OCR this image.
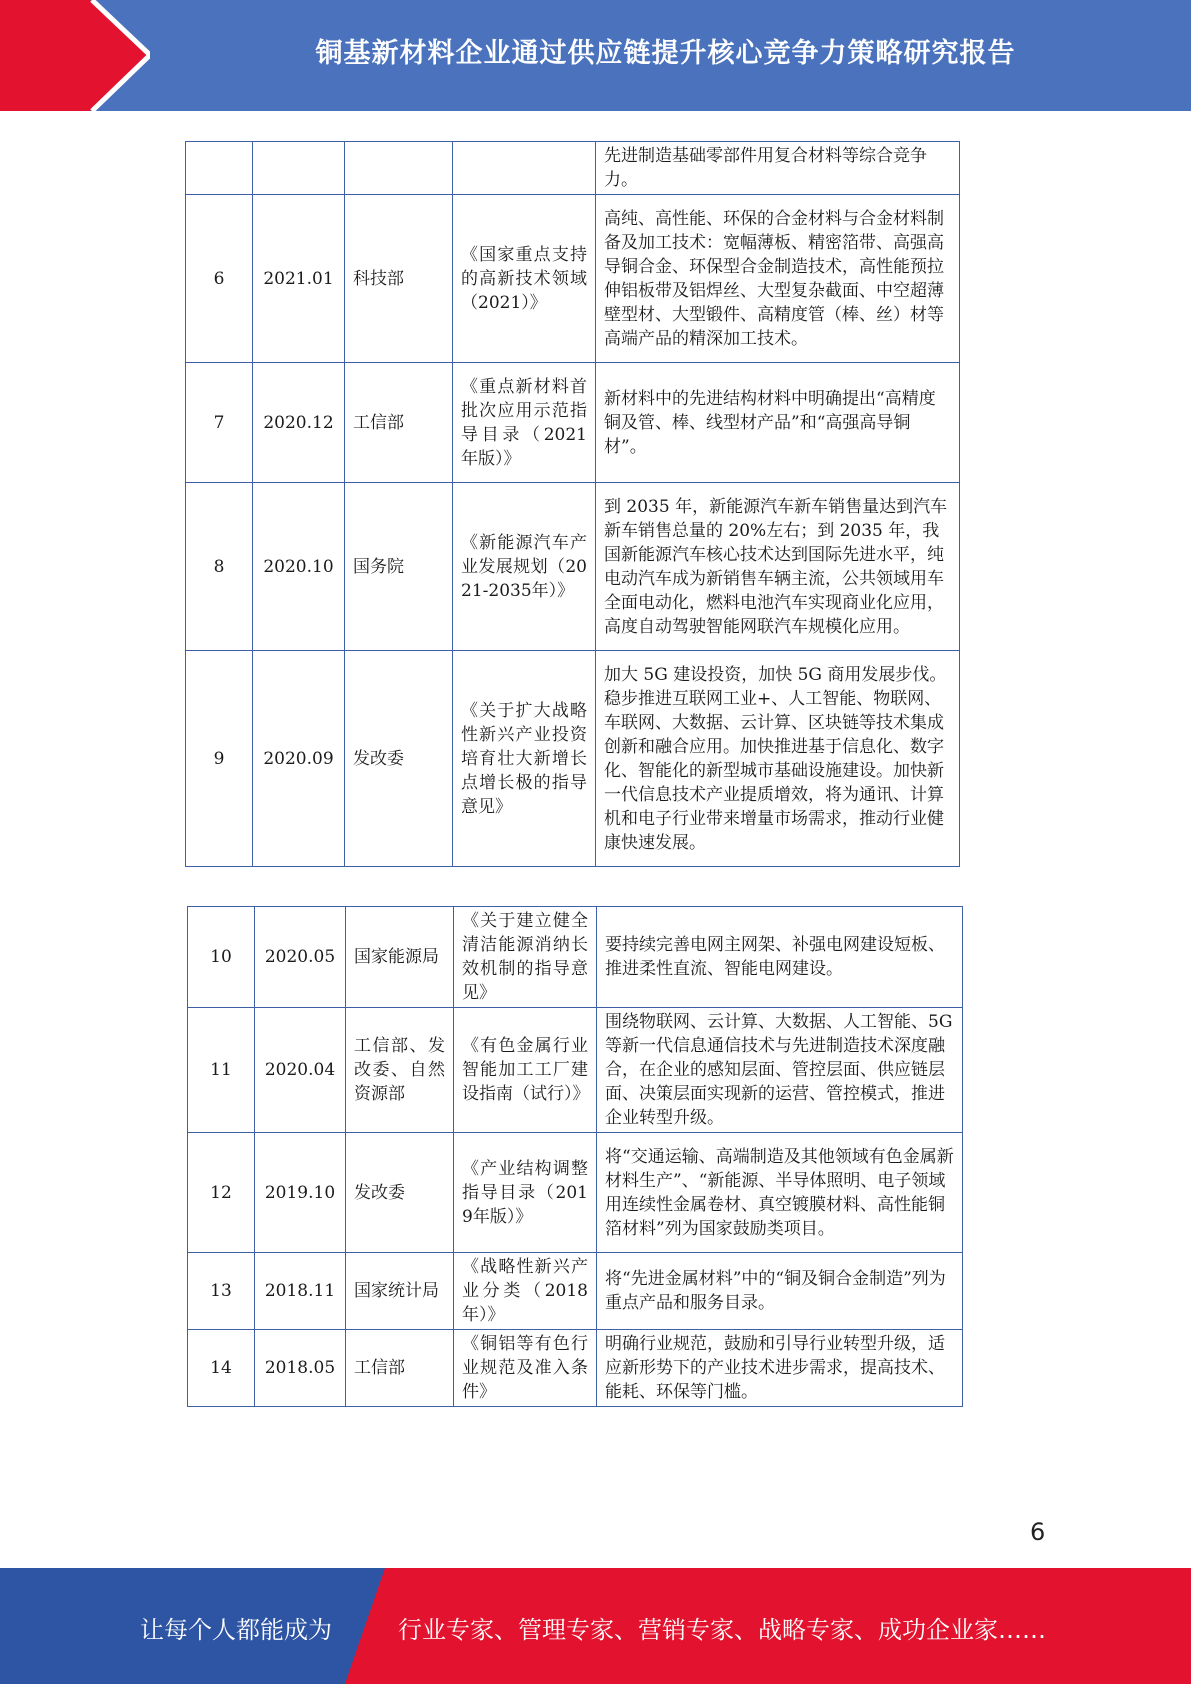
铜基新材料企业通过供应链提升核心竞争力策略研究报告
				先进制造基础零部件用复合材料等综合竞争力。
6	2021.01	科技部	《国家重点支持的高新技术领域（2021）》	高纯、高性能、环保的合金材料与合金材料制备及加工技术：宽幅薄板、精密箔带、高强高导铜合金、环保型合金制造技术，高性能预拉伸铝板带及铝焊丝、大型复杂截面、中空超薄壁型材、大型锻件、高精度管（棒、丝）材等高端产品的精深加工技术。
7	2020.12	工信部	《重点新材料首批次应用示范指导目录（2021年版）》	新材料中的先进结构材料中明确提出“高精度铜及管、棒、线型材产品”和“高强高导铜材”。
8	2020.10	国务院	《新能源汽车产业发展规划（2021-2035年）》	到 2035 年，新能源汽车新车销售量达到汽车新车销售总量的 20%左右；到 2035 年，我国新能源汽车核心技术达到国际先进水平，纯电动汽车成为新销售车辆主流，公共领域用车全面电动化，燃料电池汽车实现商业化应用，高度自动驾驶智能网联汽车规模化应用。
9	2020.09	发改委	《关于扩大战略性新兴产业投资培育壮大新增长点增长极的指导意见》	加大 5G 建设投资，加快 5G 商用发展步伐。稳步推进互联网工业+、人工智能、物联网、车联网、大数据、云计算、区块链等技术集成创新和融合应用。加快推进基于信息化、数字化、智能化的新型城市基础设施建设。加快新一代信息技术产业提质增效，将为通讯、计算机和电子行业带来增量市场需求，推动行业健康快速发展。
10	2020.05	国家能源局	《关于建立健全清洁能源消纳长效机制的指导意见》	要持续完善电网主网架、补强电网建设短板、推进柔性直流、智能电网建设。
11	2020.04	工信部、发改委、自然资源部	《有色金属行业智能加工工厂建设指南（试行）》	围绕物联网、云计算、大数据、人工智能、5G 等新一代信息通信技术与先进制造技术深度融合，在企业的感知层面、管控层面、供应链层面、决策层面实现新的运营、管控模式，推进企业转型升级。
12	2019.10	发改委	《产业结构调整指导目录（2019年版）》	将“交通运输、高端制造及其他领域有色金属新材料生产”、“新能源、半导体照明、电子领域用连续性金属卷材、真空镀膜材料、高性能铜箔材料”列为国家鼓励类项目。
13	2018.11	国家统计局	《战略性新兴产业分类（2018年）》	将“先进金属材料”中的“铜及铜合金制造”列为重点产品和服务目录。
14	2018.05	工信部	《铜铝等有色行业规范及准入条件》	明确行业规范，鼓励和引导行业转型升级，适应新形势下的产业技术进步需求，提高技术、能耗、环保等门槛。
6
让每个人都能成为	行业专家、管理专家、营销专家、战略专家、成功企业家……
